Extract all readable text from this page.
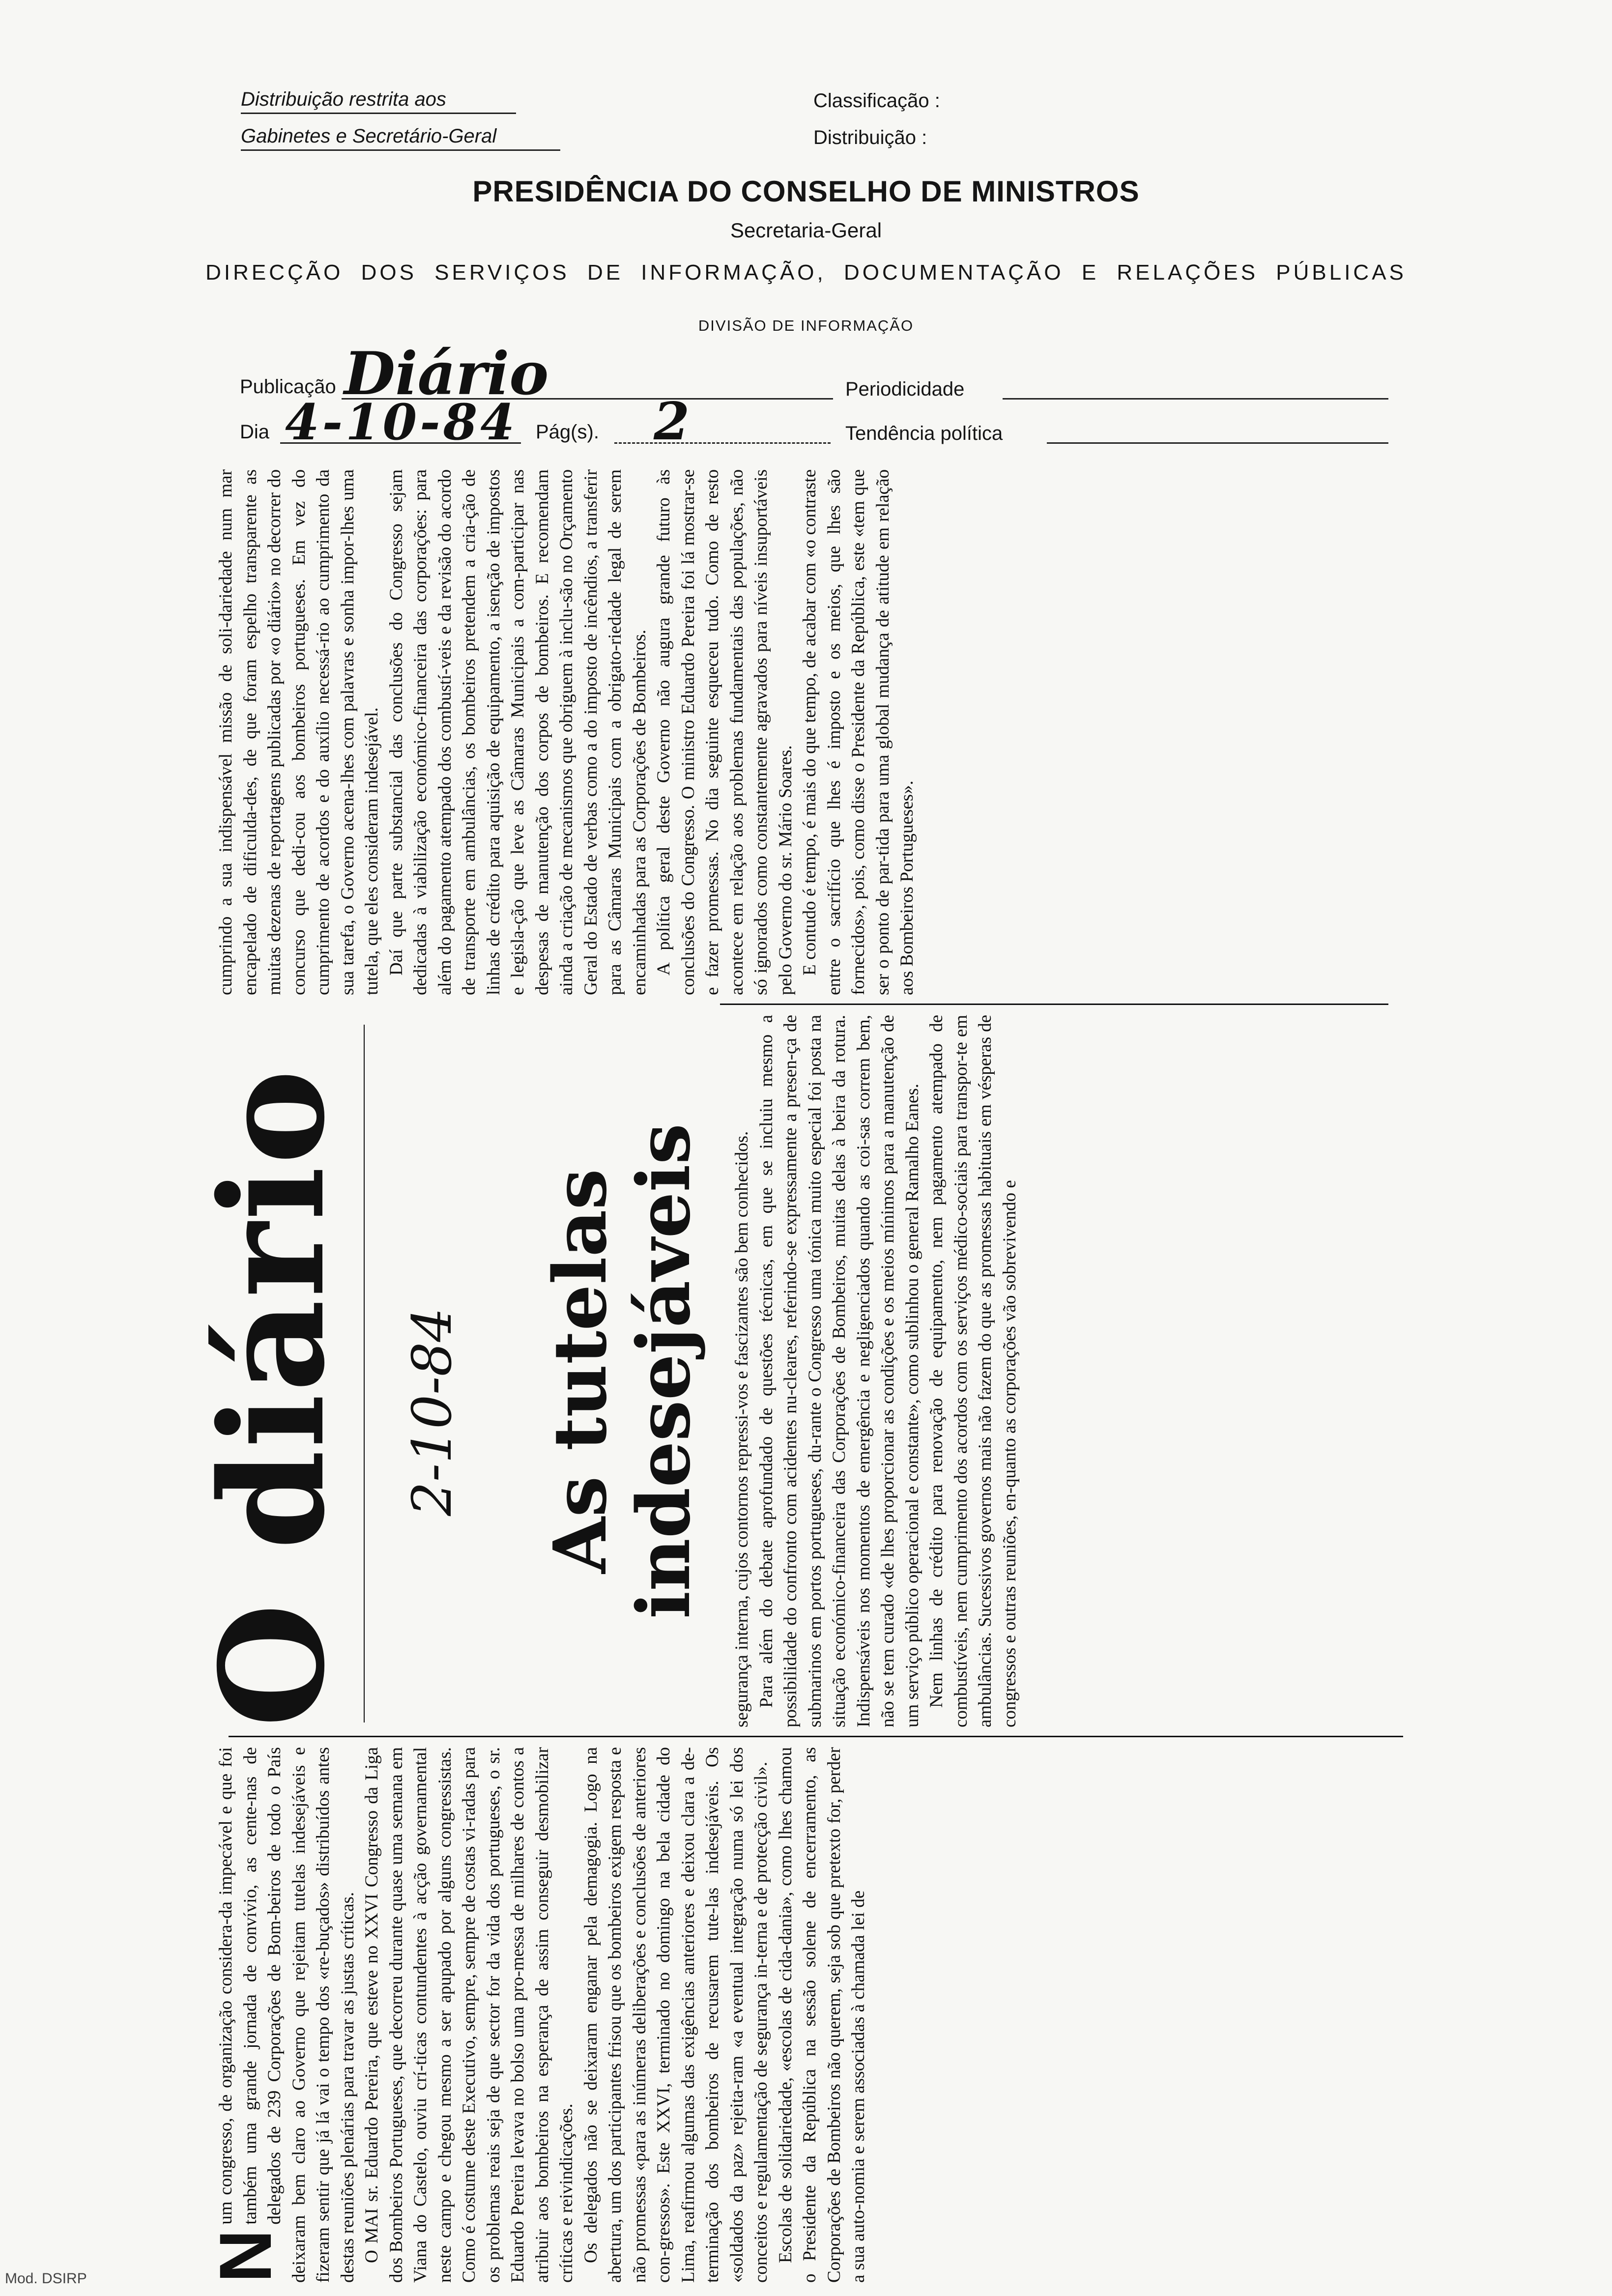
Distribuição restrita aos
Gabinetes e Secretário-Geral
Classificação :
Distribuição :
PRESIDÊNCIA DO CONSELHO DE MINISTROS
Secretaria-Geral
DIRECÇÃO DOS SERVIÇOS DE INFORMAÇÃO, DOCUMENTAÇÃO E RELAÇÕES PÚBLICAS
DIVISÃO DE INFORMAÇÃO
Publicação Diário	Periodicidade
Dia 4-10-84 Pág(s). 2	Tendência política
N

um congresso, de organização considera-da impecável e que foi também uma grande jornada de convívio, as cente-nas de delegados de 239 Corporações de Bom-beiros de todo o País deixaram bem claro ao Governo que rejeitam tutelas indesejáveis e fizeram sentir que já lá vai o tempo dos «re-buçados» distribuídos antes destas reuniões plenárias para travar as justas críticas. O MAI sr. Eduardo Pereira, que esteve no XXVI Congresso da Liga dos Bombeiros Portugueses, que decorreu durante quase uma semana em Viana do Castelo, ouviu crí-ticas contundentes à acção governamental neste campo e chegou mesmo a ser apupado por alguns congressistas. Como é costume deste Executivo, sempre, sempre de costas vi-radas para os problemas reais seja de que sector for da vida dos portugueses, o sr. Eduardo Pereira levava no bolso uma pro-messa de milhares de contos a atribuir aos bombeiros na esperança de assim conseguir desmobilizar críticas e reivindicações. Os delegados não se deixaram enganar pela demagogia. Logo na abertura, um dos participantes frisou que os bombeiros exigem resposta e não promessas «para as inúmeras deliberações e conclusões de anteriores con-gressos». Este XXVI, terminado no domingo na bela cidade do Lima, reafirmou algumas das exigências anteriores e deixou clara a de-terminação dos bombeiros de recusarem tute-las indesejáveis. Os «soldados da paz» rejeita-ram «a eventual integração numa só lei dos conceitos e regulamentação de segurança in-terna e de protecção civil». Escolas de solidariedade, «escolas de cida-dania», como lhes chamou o Presidente da República na sessão solene de encerramento, as Corporações de Bombeiros não querem, seja sob que pretexto for, perder a sua auto-nomia e serem associadas à chamada lei de

O diário 2-10-84 As tutelas
indesejáveis segurança interna, cujos contornos repressi-vos e fascizantes são bem conhecidos. Para além do debate aprofundado de questões técnicas, em que se incluiu mesmo a possibilidade do confronto com acidentes nu-cleares, referindo-se expressamente a presen-ça de submarinos em portos portugueses, du-rante o Congresso uma tónica muito especial foi posta na situação económico-financeira das Corporações de Bombeiros, muitas delas à beira da rotura. Indispensáveis nos momentos de emergência e negligenciados quando as coi-sas correm bem, não se tem curado «de lhes proporcionar as condições e os meios mínimos para a manutenção de um serviço público operacional e constante», como sublinhou o general Ramalho Eanes. Nem linhas de crédito para renovação de equipamento, nem pagamento atempado de combustíveis, nem cumprimento dos acordos com os serviços médico-sociais para transpor-te em ambulâncias. Sucessivos governos mais não fazem do que as promessas habituais em vésperas de congressos e outras reuniões, en-quanto as corporações vão sobrevivendo e

cumprindo a sua indispensável missão de soli-dariedade num mar encapelado de dificulda-des, de que foram espelho transparente as muitas dezenas de reportagens publicadas por «o diário» no decorrer do concurso que dedi-cou aos bombeiros portugueses. Em vez do cumprimento de acordos e do auxílio necessá-rio ao cumprimento da sua tarefa, o Governo acena-lhes com palavras e sonha impor-lhes uma tutela, que eles consideram indesejável. Daí que parte substancial das conclusões do Congresso sejam dedicadas à viabilização económico-financeira das corporações: para além do pagamento atempado dos combustí-veis e da revisão do acordo de transporte em ambulâncias, os bombeiros pretendem a cria-ção de linhas de crédito para aquisição de equipamento, a isenção de impostos e legisla-ção que leve as Câmaras Municipais a com-participar nas despesas de manutenção dos corpos de bombeiros. E recomendam ainda a criação de mecanismos que obriguem à inclu-são no Orçamento Geral do Estado de verbas como a do imposto de incêndios, a transferir para as Câmaras Municipais com a obrigato-riedade legal de serem encaminhadas para as Corporações de Bombeiros. A política geral deste Governo não augura grande futuro às conclusões do Congresso. O ministro Eduardo Pereira foi lá mostrar-se e fazer promessas. No dia seguinte esqueceu tudo. Como de resto acontece em relação aos problemas fundamentais das populações, não só ignorados como constantemente agravados para níveis insuportáveis pelo Governo do sr. Mário Soares. E contudo é tempo, é mais do que tempo, de acabar com «o contraste entre o sacrifício que lhes é imposto e os meios, que lhes são fornecidos», pois, como disse o Presidente da República, este «tem que ser o ponto de par-tida para uma global mudança de atitude em relação aos Bombeiros Portugueses».

Mod. DSIRP
